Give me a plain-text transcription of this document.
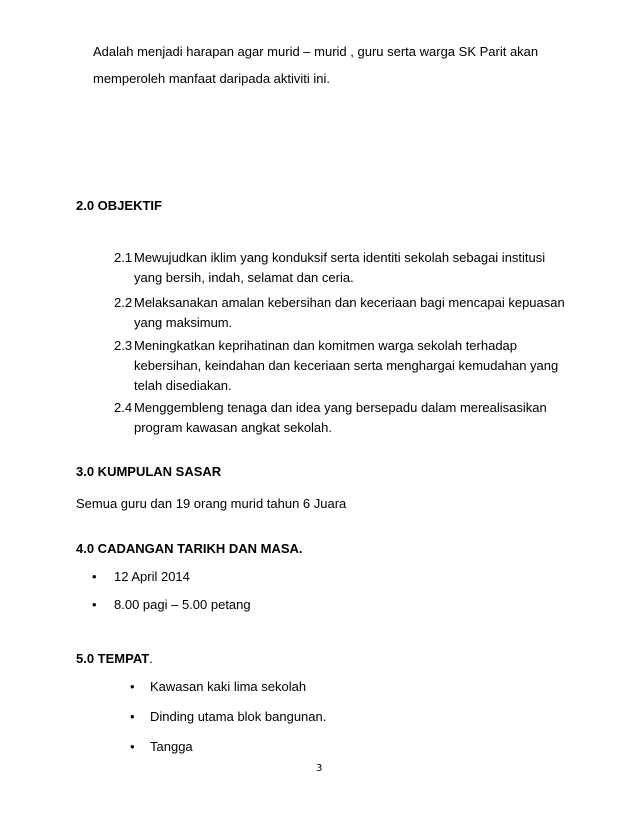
Adalah menjadi harapan agar murid – murid , guru serta warga SK Parit akan
memperoleh manfaat daripada aktiviti ini.
2.0 OBJEKTIF
2.1 Mewujudkan iklim yang konduksif serta identiti sekolah sebagai institusi yang bersih, indah, selamat dan ceria.
2.2 Melaksanakan amalan kebersihan dan keceriaan bagi mencapai kepuasan yang maksimum.
2.3 Meningkatkan keprihatinan dan komitmen warga sekolah terhadap kebersihan, keindahan dan keceriaan serta menghargai kemudahan yang telah disediakan.
2.4 Menggembleng tenaga dan idea yang bersepadu dalam merealisasikan program kawasan angkat sekolah.
3.0 KUMPULAN SASAR
Semua guru dan 19 orang murid tahun 6 Juara
4.0 CADANGAN TARIKH DAN MASA.
• 12 April 2014
• 8.00 pagi – 5.00 petang
5.0 TEMPAT.
• Kawasan kaki lima sekolah
• Dinding utama blok bangunan.
• Tangga
3
